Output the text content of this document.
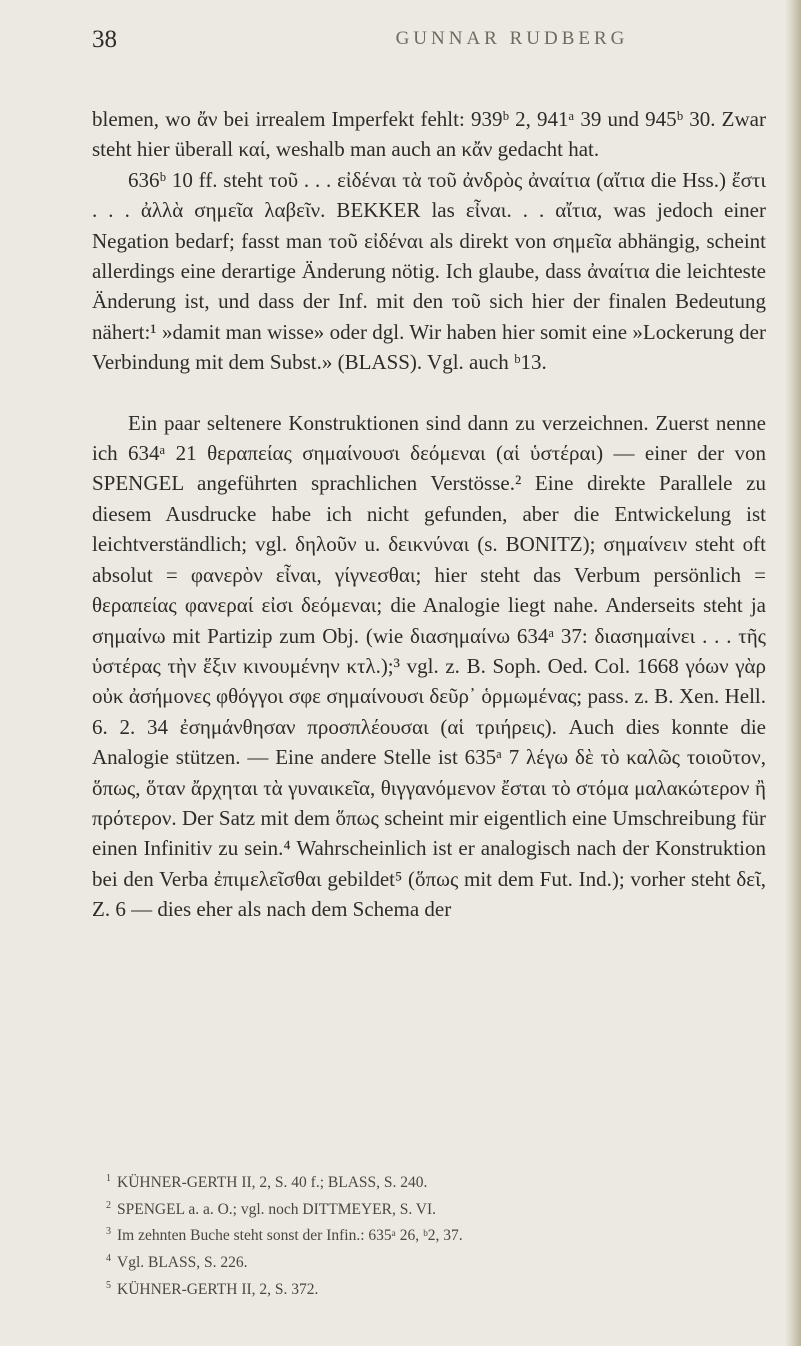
38	GUNNAR RUDBERG

blemen, wo ἄν bei irrealem Imperfekt fehlt: 939ᵇ 2, 941ᵃ 39 und 945ᵇ 30. Zwar steht hier überall καί, weshalb man auch an κἄν gedacht hat.

636ᵇ 10 ff. steht τοῦ . . . εἰδέναι τὰ τοῦ ἀνδρὸς ἀναίτια (αἴτια die Hss.) ἔστι . . . ἀλλὰ σημεῖα λαβεῖν. BEKKER las εἶναι. . . αἴτια, was jedoch einer Negation bedarf; fasst man τοῦ εἰδέναι als direkt von σημεῖα abhängig, scheint allerdings eine derartige Änderung nötig. Ich glaube, dass ἀναίτια die leichteste Änderung ist, und dass der Inf. mit den τοῦ sich hier der finalen Bedeutung nähert:¹ »damit man wisse» oder dgl. Wir haben hier somit eine »Lockerung der Verbindung mit dem Subst.» (BLASS). Vgl. auch ᵇ13.

Ein paar seltenere Konstruktionen sind dann zu verzeichnen. Zuerst nenne ich 634ᵃ 21 θεραπείας σημαίνουσι δεόμεναι (αἱ ὑστέραι) — einer der von SPENGEL angeführten sprachlichen Verstösse.² Eine direkte Parallele zu diesem Ausdrucke habe ich nicht gefunden, aber die Entwickelung ist leichtverständlich; vgl. δηλοῦν u. δεικνύναι (s. BONITZ); σημαίνειν steht oft absolut = φανερὸν εἶναι, γίγνεσθαι; hier steht das Verbum persönlich = θεραπείας φανεραί εἰσι δεόμεναι; die Analogie liegt nahe. Anderseits steht ja σημαίνω mit Partizip zum Obj. (wie διασημαίνω 634ᵃ 37: διασημαίνει . . . τῆς ὑστέρας τὴν ἕξιν κινουμένην κτλ.);³ vgl. z. B. Soph. Oed. Col. 1668 γόων γὰρ οὐκ ἀσήμονες φθόγγοι σφε σημαίνουσι δεῦρ᾿ ὁρμωμένας; pass. z. B. Xen. Hell. 6. 2. 34 ἐσημάνθησαν προσπλέουσαι (αἱ τριήρεις). Auch dies konnte die Analogie stützen. — Eine andere Stelle ist 635ᵃ 7 λέγω δὲ τὸ καλῶς τοιοῦτον, ὅπως, ὅταν ἄρχηται τὰ γυναικεῖα, θιγγανόμενον ἔσται τὸ στόμα μαλακώτερον ἢ πρότερον. Der Satz mit dem ὅπως scheint mir eigentlich eine Umschreibung für einen Infinitiv zu sein.⁴ Wahrscheinlich ist er analogisch nach der Konstruktion bei den Verba ἐπιμελεῖσθαι gebildet⁵ (ὅπως mit dem Fut. Ind.); vorher steht δεῖ, Z. 6 — dies eher als nach dem Schema der

$^1$ KÜHNER-GERTH II, 2, S. 40 f.; BLASS, S. 240.
$^2$ SPENGEL a. a. O.; vgl. noch DITTMEYER, S. VI.
$^3$ Im zehnten Buche steht sonst der Infin.: 635ᵃ 26, ᵇ2, 37.
$^4$ Vgl. BLASS, S. 226.
$^5$ KÜHNER-GERTH II, 2, S. 372.
